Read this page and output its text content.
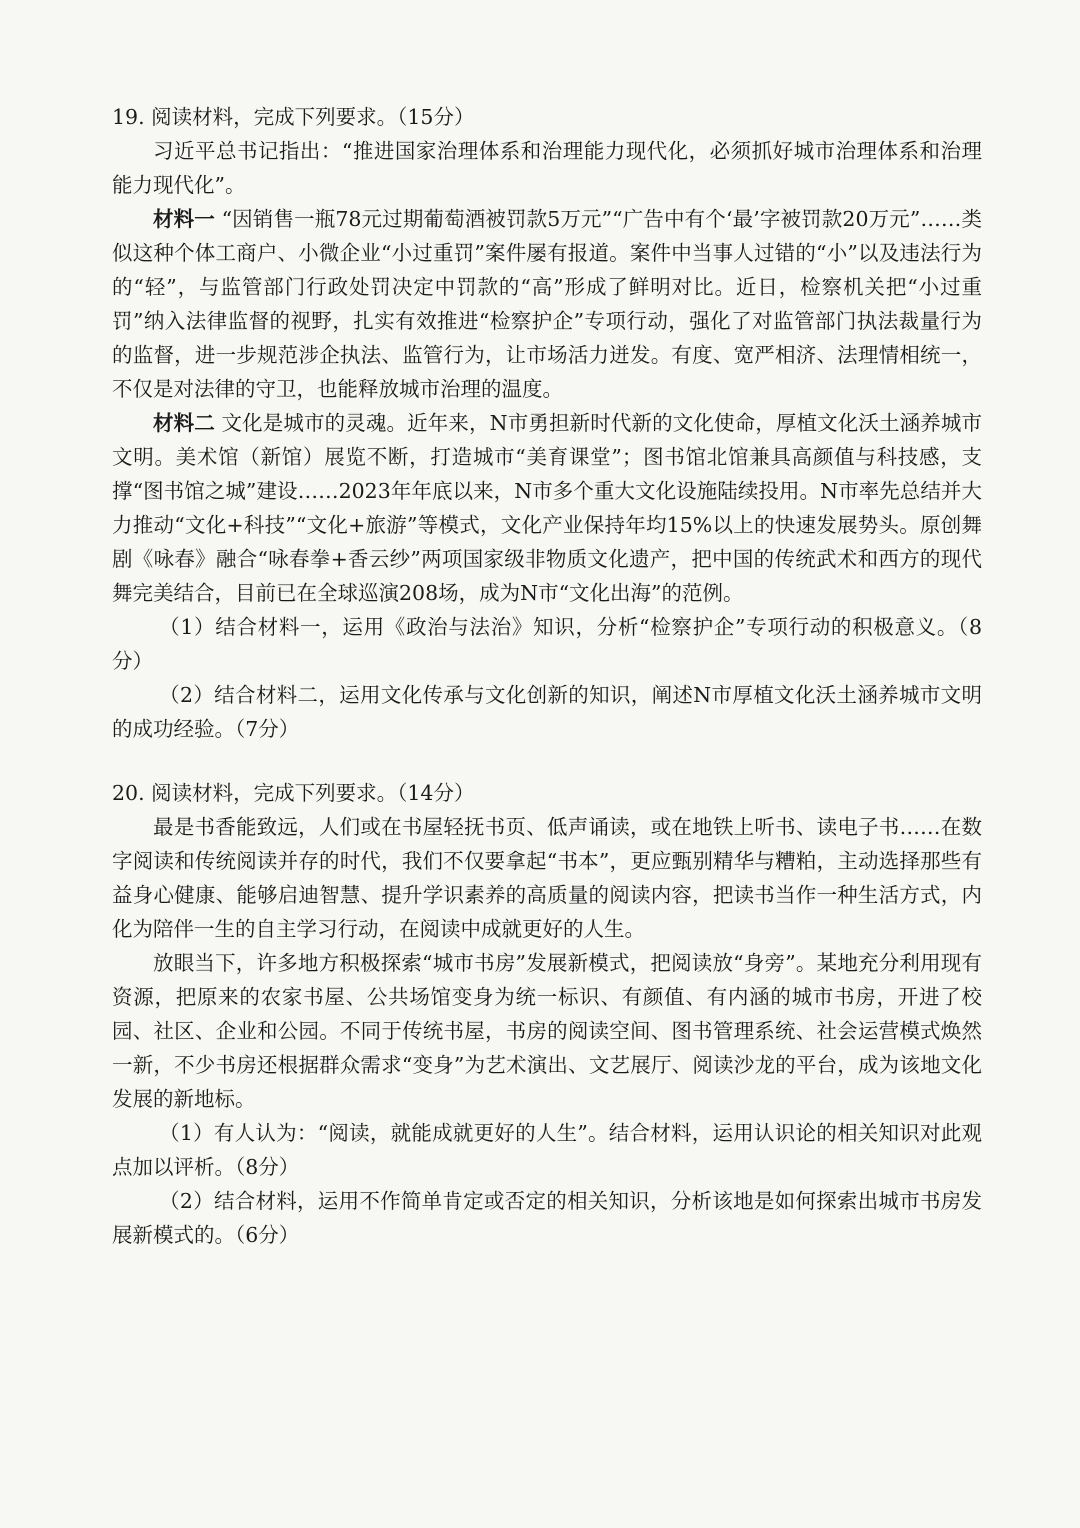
19. 阅读材料，完成下列要求。（15分）

习近平总书记指出：“推进国家治理体系和治理能力现代化，必须抓好城市治理体系和治理能力现代化”。

材料一 “因销售一瓶78元过期葡萄酒被罚款5万元”“广告中有个‘最’字被罚款20万元”……类似这种个体工商户、小微企业“小过重罚”案件屡有报道。案件中当事人过错的“小”以及违法行为的“轻”，与监管部门行政处罚决定中罚款的“高”形成了鲜明对比。近日，检察机关把“小过重罚”纳入法律监督的视野，扎实有效推进“检察护企”专项行动，强化了对监管部门执法裁量行为的监督，进一步规范涉企执法、监管行为，让市场活力迸发。有度、宽严相济、法理情相统一，不仅是对法律的守卫，也能释放城市治理的温度。

材料二 文化是城市的灵魂。近年来，N市勇担新时代新的文化使命，厚植文化沃土涵养城市文明。美术馆（新馆）展览不断，打造城市“美育课堂”；图书馆北馆兼具高颜值与科技感，支撑“图书馆之城”建设……2023年年底以来，N市多个重大文化设施陆续投用。N市率先总结并大力推动“文化+科技”“文化+旅游”等模式，文化产业保持年均15%以上的快速发展势头。原创舞剧《咏春》融合“咏春拳+香云纱”两项国家级非物质文化遗产，把中国的传统武术和西方的现代舞完美结合，目前已在全球巡演208场，成为N市“文化出海”的范例。

（1）结合材料一，运用《政治与法治》知识，分析“检察护企”专项行动的积极意义。（8分）

（2）结合材料二，运用文化传承与文化创新的知识，阐述N市厚植文化沃土涵养城市文明的成功经验。（7分）

20. 阅读材料，完成下列要求。（14分）

最是书香能致远，人们或在书屋轻抚书页、低声诵读，或在地铁上听书、读电子书……在数字阅读和传统阅读并存的时代，我们不仅要拿起“书本”，更应甄别精华与糟粕，主动选择那些有益身心健康、能够启迪智慧、提升学识素养的高质量的阅读内容，把读书当作一种生活方式，内化为陪伴一生的自主学习行动，在阅读中成就更好的人生。

放眼当下，许多地方积极探索“城市书房”发展新模式，把阅读放“身旁”。某地充分利用现有资源，把原来的农家书屋、公共场馆变身为统一标识、有颜值、有内涵的城市书房，开进了校园、社区、企业和公园。不同于传统书屋，书房的阅读空间、图书管理系统、社会运营模式焕然一新，不少书房还根据群众需求“变身”为艺术演出、文艺展厅、阅读沙龙的平台，成为该地文化发展的新地标。

（1）有人认为：“阅读，就能成就更好的人生”。结合材料，运用认识论的相关知识对此观点加以评析。（8分）

（2）结合材料，运用不作简单肯定或否定的相关知识，分析该地是如何探索出城市书房发展新模式的。（6分）
